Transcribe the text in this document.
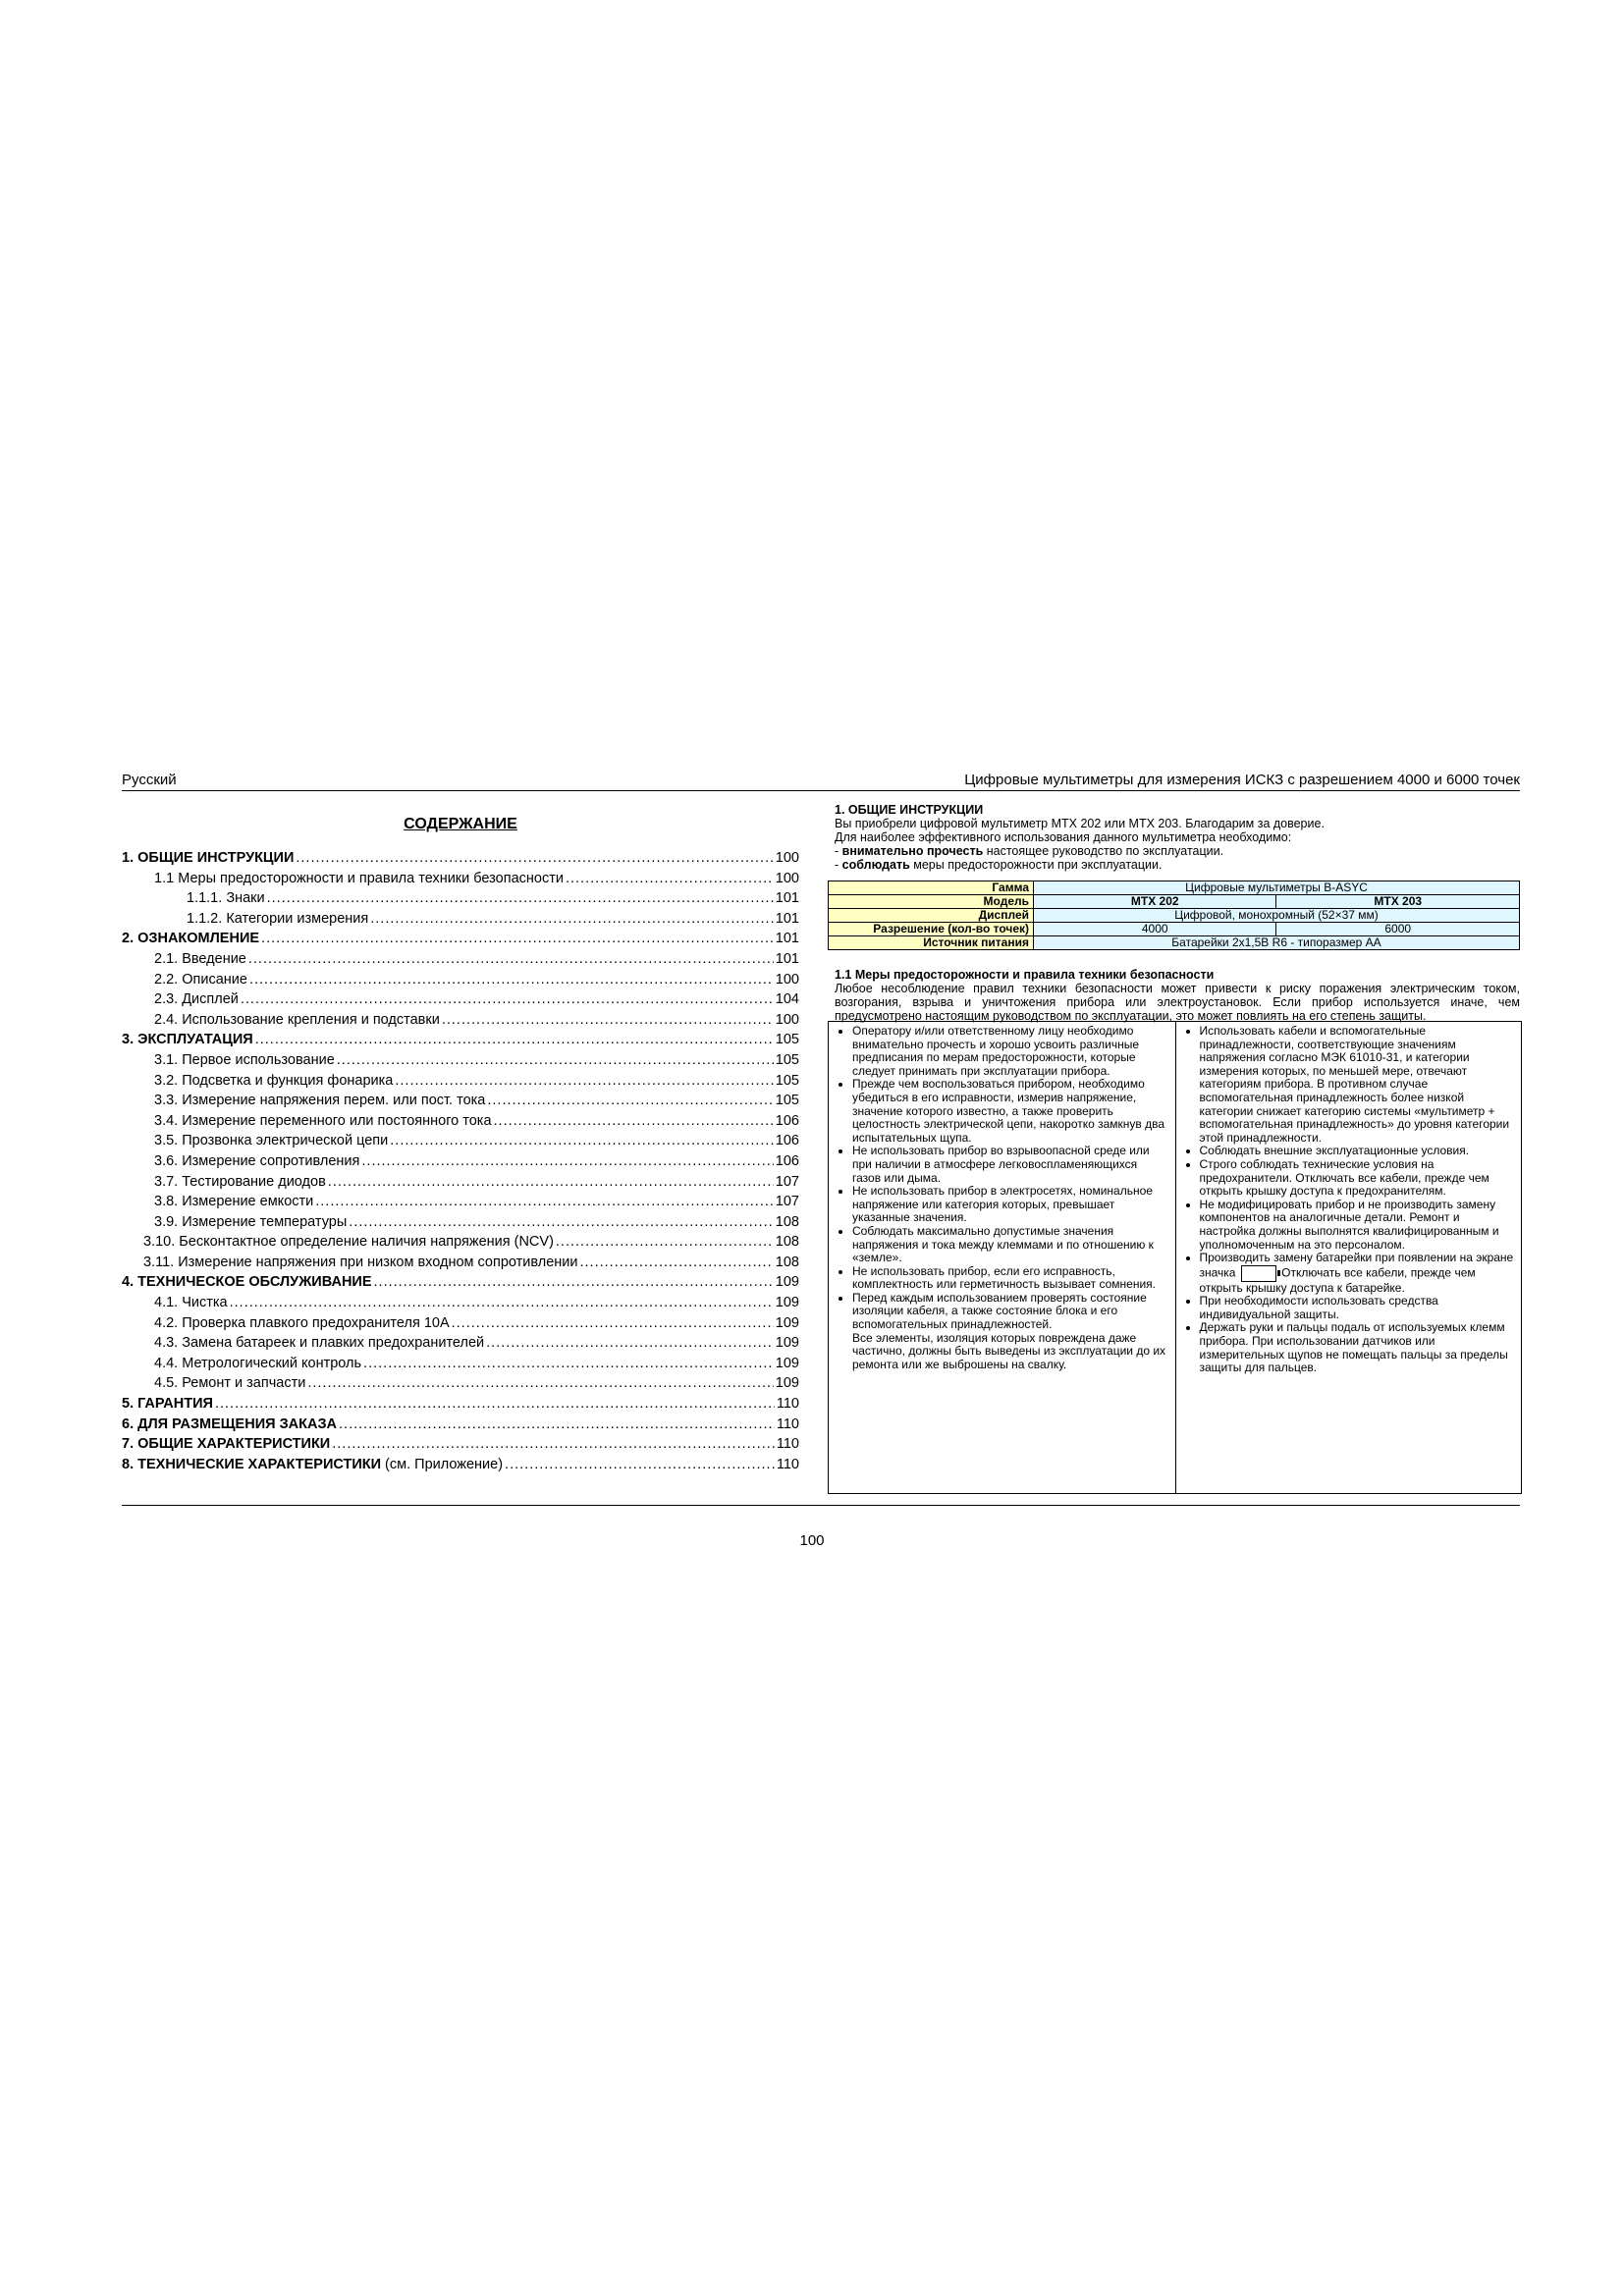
Русский	Цифровые мультиметры для измерения ИСКЗ с разрешением 4000 и 6000 точек
СОДЕРЖАНИЕ
1. ОБЩИЕ ИНСТРУКЦИИ .....	100
1.1 Меры предосторожности и правила техники безопасности .....	100
1.1.1. Знаки .....	101
1.1.2. Категории измерения .....	101
2. ОЗНАКОМЛЕНИЕ .....	101
2.1. Введение .....	101
2.2. Описание .....	100
2.3. Дисплей .....	104
2.4. Использование крепления и подставки .....	100
3. ЭКСПЛУАТАЦИЯ .....	105
3.1. Первое использование .....	105
3.2. Подсветка и функция фонарика .....	105
3.3. Измерение напряжения перем. или пост. тока .....	105
3.4. Измерение переменного или постоянного тока .....	106
3.5. Прозвонка электрической цепи .....	106
3.6. Измерение сопротивления .....	106
3.7. Тестирование диодов .....	107
3.8. Измерение емкости .....	107
3.9. Измерение температуры .....	108
3.10. Бесконтактное определение наличия напряжения (NCV) .....	108
3.11. Измерение напряжения при низком входном сопротивлении .....	108
4. ТЕХНИЧЕСКОЕ ОБСЛУЖИВАНИЕ .....	109
4.1. Чистка .....	109
4.2. Проверка плавкого предохранителя 10А .....	109
4.3. Замена батареек и плавких предохранителей .....	109
4.4. Метрологический контроль .....	109
4.5. Ремонт и запчасти .....	109
5. ГАРАНТИЯ .....	110
6. ДЛЯ РАЗМЕЩЕНИЯ ЗАКАЗА .....	110
7. ОБЩИЕ ХАРАКТЕРИСТИКИ .....	110
8. ТЕХНИЧЕСКИЕ ХАРАКТЕРИСТИКИ (см. Приложение) .....	110
1. ОБЩИЕ ИНСТРУКЦИИ
Вы приобрели цифровой мультиметр MTX 202 или MTX 203. Благодарим за доверие.
Для наиболее эффективного использования данного мультиметра необходимо:
- внимательно прочесть настоящее руководство по эксплуатации.
- соблюдать меры предосторожности при эксплуатации.
Гамма	Цифровые мультиметры B-ASYC	
Модель	MTX 202	MTX 203
Дисплей	Цифровой, монохромный (52×37 мм)	
Разрешение (кол-во точек)	4000	6000
Источник питания	Батарейки 2x1,5В R6 - типоразмер АА	
1.1 Меры предосторожности и правила техники безопасности
Любое несоблюдение правил техники безопасности может привести к риску поражения электрическим током, возгорания, взрыва и уничтожения прибора или электроустановок. Если прибор используется иначе, чем предусмотрено настоящим руководством по эксплуатации, это может повлиять на его степень защиты.
• Оператору и/или ответственному лицу необходимо внимательно прочесть и хорошо усвоить различные предписания по мерам предосторожности, которые следует принимать при эксплуатации прибора.
• Прежде чем воспользоваться прибором, необходимо убедиться в его исправности, измерив напряжение, значение которого известно, а также проверить целостность электрической цепи, накоротко замкнув два испытательных щупа.
• Не использовать прибор во взрывоопасной среде или при наличии в атмосфере легковоспламеняющихся газов или дыма.
• Не использовать прибор в электросетях, номинальное напряжение или категория которых, превышает указанные значения.
• Соблюдать максимально допустимые значения напряжения и тока между клеммами и по отношению к «земле».
• Не использовать прибор, если его исправность, комплектность или герметичность вызывает сомнения.
• Перед каждым использованием проверять состояние изоляции кабеля, а также состояние блока и его вспомогательных принадлежностей.
Все элементы, изоляция которых повреждена даже частично, должны быть выведены из эксплуатации до их ремонта или же выброшены на свалку.
• Использовать кабели и вспомогательные принадлежности, соответствующие значениям напряжения согласно МЭК 61010-31, и категории измерения которых, по меньшей мере, отвечают категориям прибора. В противном случае вспомогательная принадлежность более низкой категории снижает категорию системы «мультиметр + вспомогательная принадлежность» до уровня категории этой принадлежности.
• Соблюдать внешние эксплуатационные условия.
• Строго соблюдать технические условия на предохранители. Отключать все кабели, прежде чем открыть крышку доступа к предохранителям.
• Не модифицировать прибор и не производить замену компонентов на аналогичные детали. Ремонт и настройка должны выполнятся квалифицированным и уполномоченным на это персоналом.
• Производить замену батарейки при появлении на экране значка	Отключать все кабели, прежде чем открыть крышку доступа к батарейке.
• При необходимости использовать средства индивидуальной защиты.
• Держать руки и пальцы подаль от используемых клемм прибора. При использовании датчиков или измерительных щупов не помещать пальцы за пределы защиты для пальцев.
100
